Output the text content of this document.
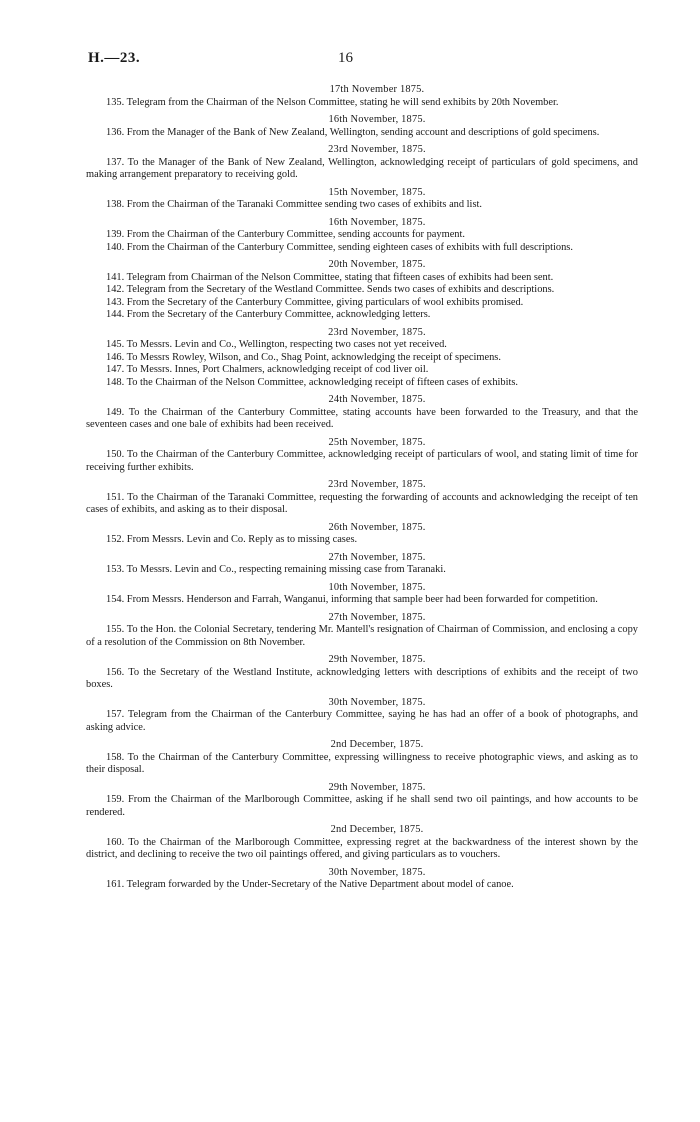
H.—23.	16

17th November 1875.

135. Telegram from the Chairman of the Nelson Committee, stating he will send exhibits by 20th November.

16th November, 1875.

136. From the Manager of the Bank of New Zealand, Wellington, sending account and descriptions of gold specimens.

23rd November, 1875.

137. To the Manager of the Bank of New Zealand, Wellington, acknowledging receipt of particulars of gold specimens, and making arrangement preparatory to receiving gold.

15th November, 1875.

138. From the Chairman of the Taranaki Committee sending two cases of exhibits and list.

16th November, 1875.

139. From the Chairman of the Canterbury Committee, sending accounts for payment.

140. From the Chairman of the Canterbury Committee, sending eighteen cases of exhibits with full descriptions.

20th November, 1875.

141. Telegram from Chairman of the Nelson Committee, stating that fifteen cases of exhibits had been sent.

142. Telegram from the Secretary of the Westland Committee. Sends two cases of exhibits and descriptions.

143. From the Secretary of the Canterbury Committee, giving particulars of wool exhibits promised.

144. From the Secretary of the Canterbury Committee, acknowledging letters.

23rd November, 1875.

145. To Messrs. Levin and Co., Wellington, respecting two cases not yet received.

146. To Messrs Rowley, Wilson, and Co., Shag Point, acknowledging the receipt of specimens.

147. To Messrs. Innes, Port Chalmers, acknowledging receipt of cod liver oil.

148. To the Chairman of the Nelson Committee, acknowledging receipt of fifteen cases of exhibits.

24th November, 1875.

149. To the Chairman of the Canterbury Committee, stating accounts have been forwarded to the Treasury, and that the seventeen cases and one bale of exhibits had been received.

25th November, 1875.

150. To the Chairman of the Canterbury Committee, acknowledging receipt of particulars of wool, and stating limit of time for receiving further exhibits.

23rd November, 1875.

151. To the Chairman of the Taranaki Committee, requesting the forwarding of accounts and acknowledging the receipt of ten cases of exhibits, and asking as to their disposal.

26th November, 1875.

152. From Messrs. Levin and Co. Reply as to missing cases.

27th November, 1875.

153. To Messrs. Levin and Co., respecting remaining missing case from Taranaki.

10th November, 1875.

154. From Messrs. Henderson and Farrah, Wanganui, informing that sample beer had been forwarded for competition.

27th November, 1875.

155. To the Hon. the Colonial Secretary, tendering Mr. Mantell's resignation of Chairman of Commission, and enclosing a copy of a resolution of the Commission on 8th November.

29th November, 1875.

156. To the Secretary of the Westland Institute, acknowledging letters with descriptions of exhibits and the receipt of two boxes.

30th November, 1875.

157. Telegram from the Chairman of the Canterbury Committee, saying he has had an offer of a book of photographs, and asking advice.

2nd December, 1875.

158. To the Chairman of the Canterbury Committee, expressing willingness to receive photographic views, and asking as to their disposal.

29th November, 1875.

159. From the Chairman of the Marlborough Committee, asking if he shall send two oil paintings, and how accounts to be rendered.

2nd December, 1875.

160. To the Chairman of the Marlborough Committee, expressing regret at the backwardness of the interest shown by the district, and declining to receive the two oil paintings offered, and giving particulars as to vouchers.

30th November, 1875.

161. Telegram forwarded by the Under-Secretary of the Native Department about model of canoe.
